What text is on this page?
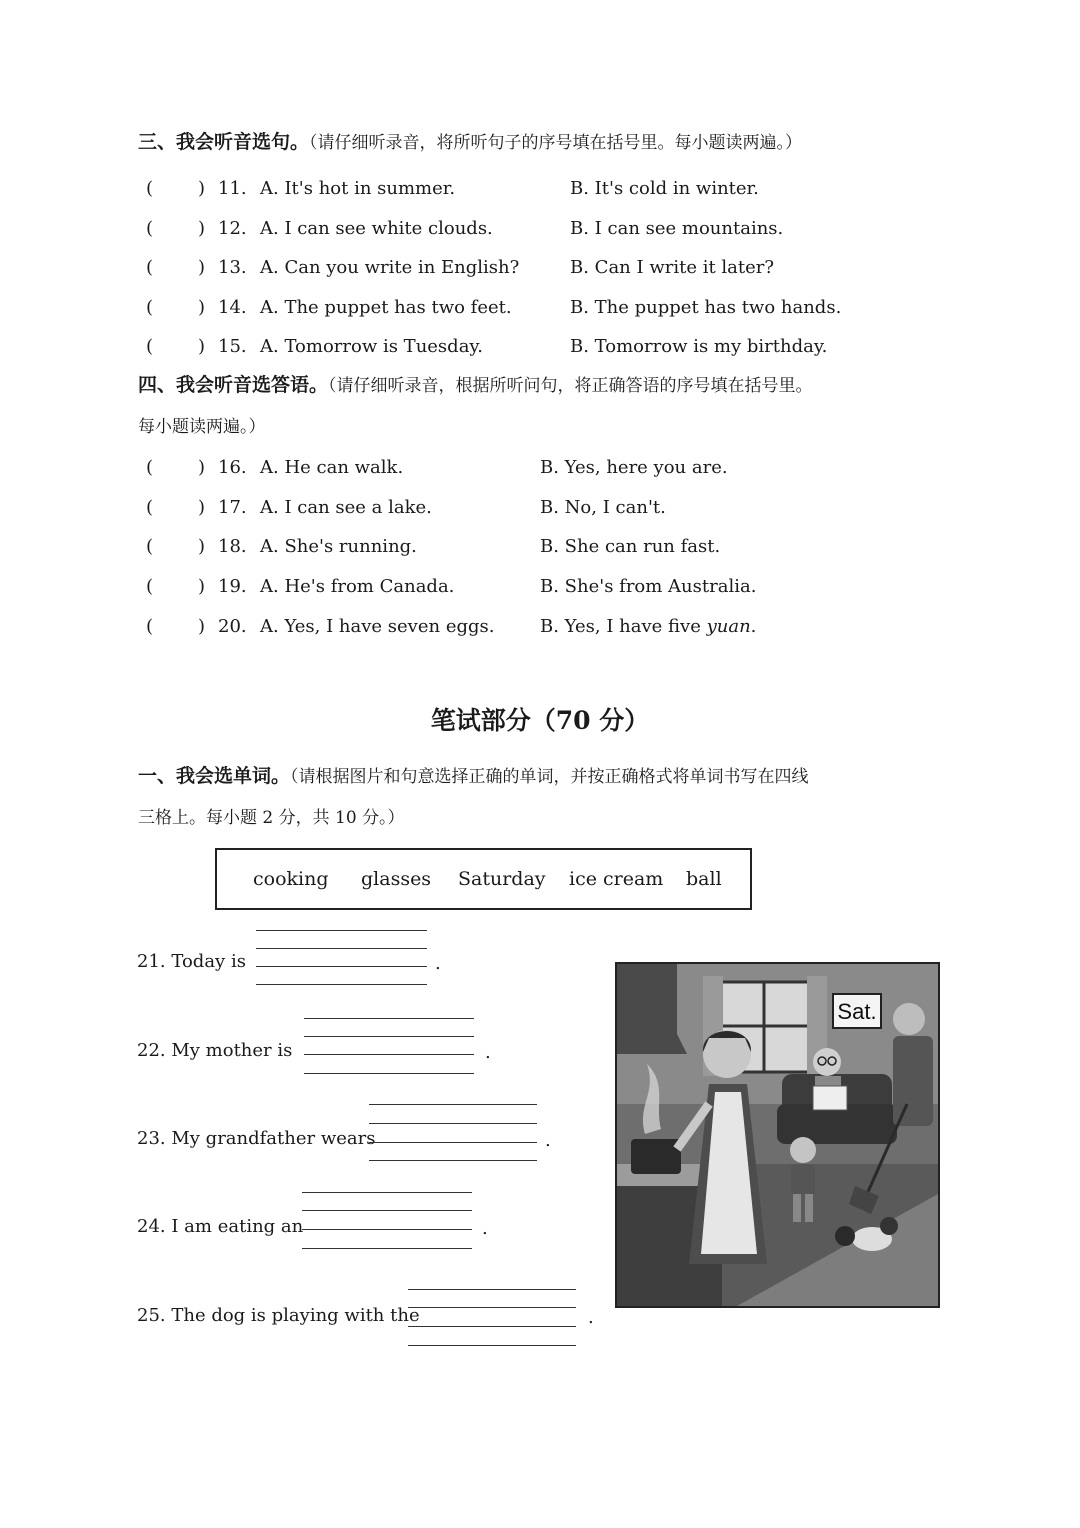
三、我会听音选句。（请仔细听录音，将所听句子的序号填在括号里。每小题读两遍。）
( ) 11. A. It's hot in summer.	B. It's cold in winter.
( ) 12. A. I can see white clouds.	B. I can see mountains.
( ) 13. A. Can you write in English?	B. Can I write it later?
( ) 14. A. The puppet has two feet.	B. The puppet has two hands.
( ) 15. A. Tomorrow is Tuesday.	B. Tomorrow is my birthday.
四、我会听音选答语。（请仔细听录音，根据所听问句，将正确答语的序号填在括号里。
每小题读两遍。）
( ) 16. A. He can walk.	B. Yes, here you are.
( ) 17. A. I can see a lake.	B. No, I can't.
( ) 18. A. She's running.	B. She can run fast.
( ) 19. A. He's from Canada.	B. She's from Australia.
( ) 20. A. Yes, I have seven eggs.	B. Yes, I have five yuan.
笔试部分（70 分）
一、我会选单词。（请根据图片和句意选择正确的单词，并按正确格式将单词书写在四线
三格上。每小题 2 分，共 10 分。）
cooking glasses Saturday ice cream ball
21. Today is	.
22. My mother is	.
23. My grandfather wears	.
24. I am eating an	.
25. The dog is playing with the	.
Sat.
